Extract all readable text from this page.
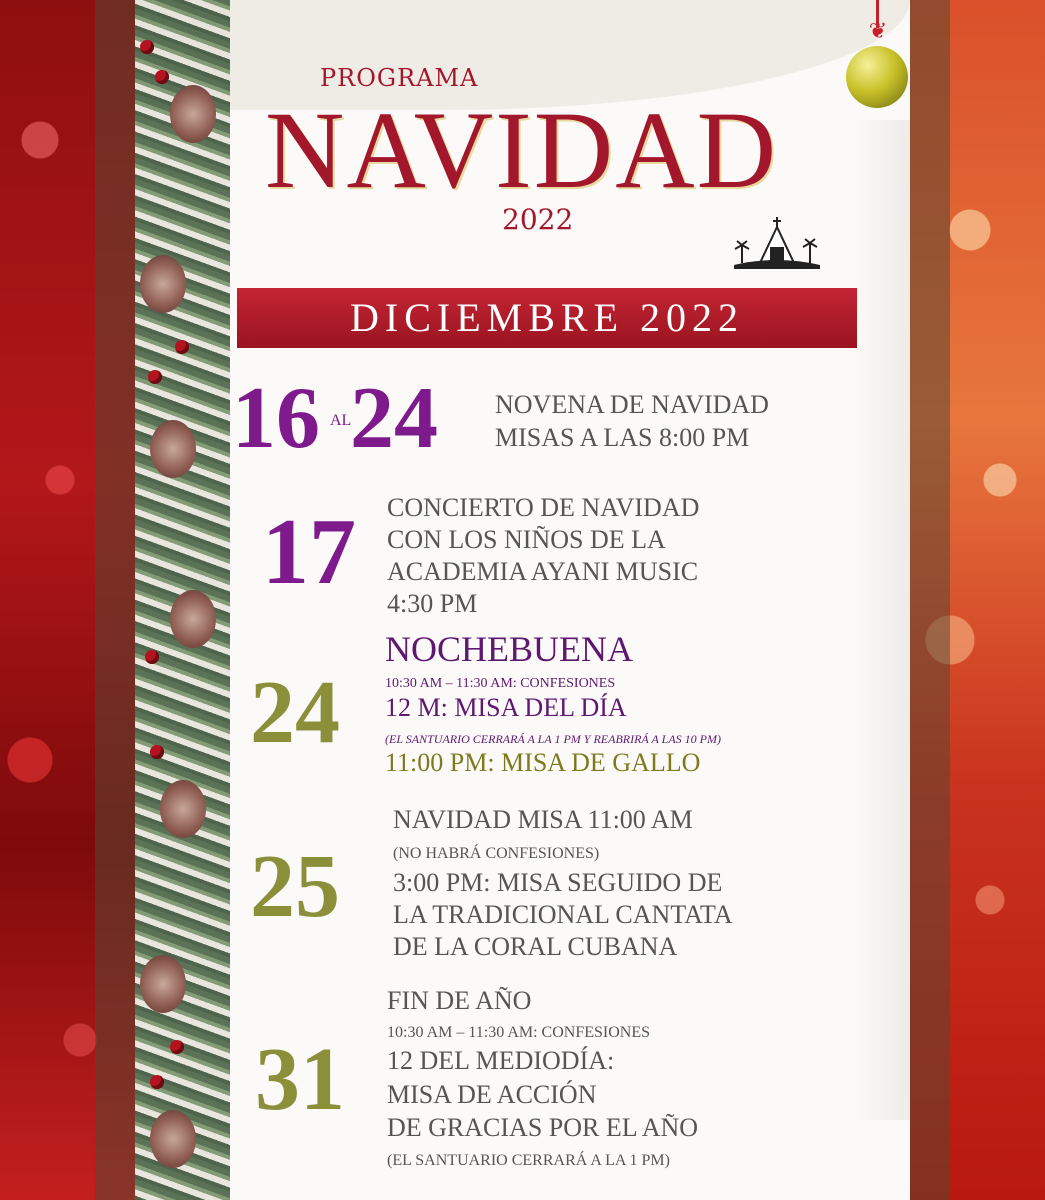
❦
PROGRAMA
NAVIDAD
2022
DICIEMBRE 2022
16 AL
24 NOVENA DE NAVIDAD
MISAS A LAS 8:00 PM
17 CONCIERTO DE NAVIDAD
CON LOS NIÑOS DE LA
ACADEMIA AYANI MUSIC
4:30 PM
24
NOCHEBUENA
10:30 AM – 11:30 AM: CONFESIONES
12 M: MISA DEL DÍA
(EL SANTUARIO CERRARÁ A LA 1 PM Y REABRIRÁ A LAS 10 PM)
11:00 PM: MISA DE GALLO
25
NAVIDAD MISA 11:00 AM
(NO HABRÁ CONFESIONES)
3:00 PM: MISA SEGUIDO DE
LA TRADICIONAL CANTATA
DE LA CORAL CUBANA
31
FIN DE AÑO
10:30 AM – 11:30 AM: CONFESIONES
12 DEL MEDIODÍA:
MISA DE ACCIÓN
DE GRACIAS POR EL AÑO
(EL SANTUARIO CERRARÁ A LA 1 PM)
